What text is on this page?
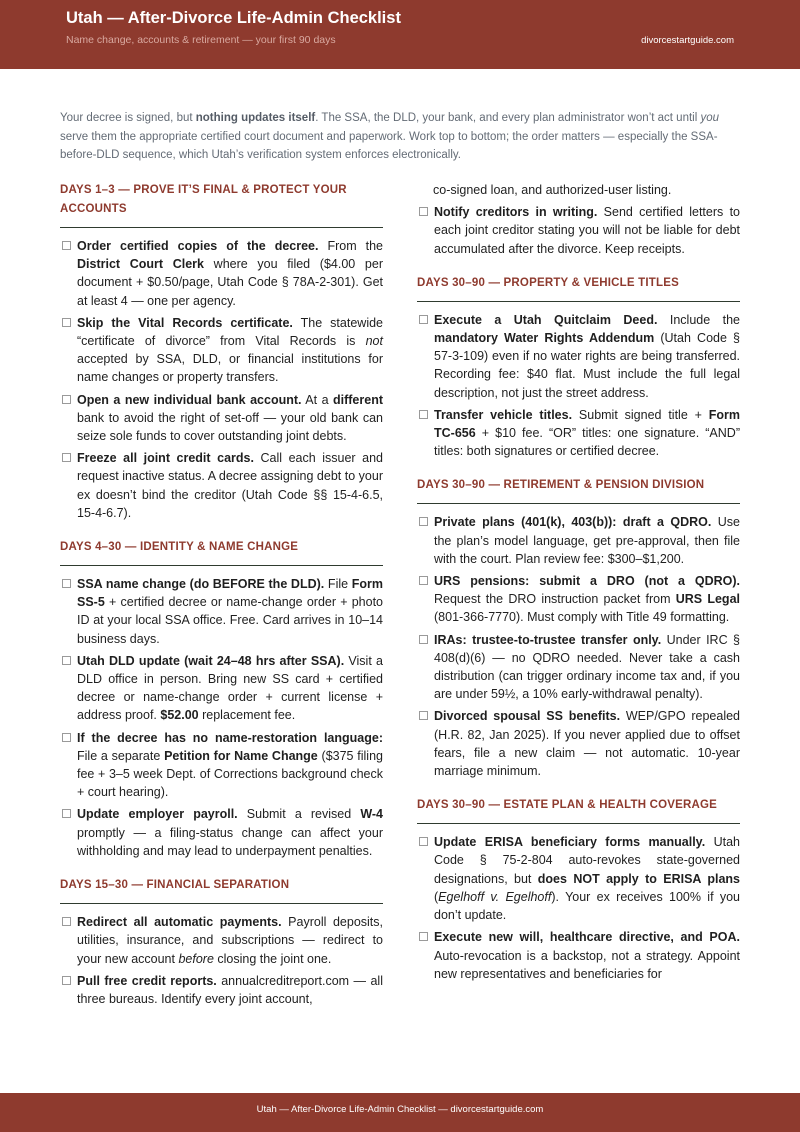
Utah — After-Divorce Life-Admin Checklist
Name change, accounts & retirement — your first 90 days	divorcestartguide.com
Your decree is signed, but nothing updates itself. The SSA, the DLD, your bank, and every plan administrator won’t act until you serve them the appropriate certified court document and paperwork. Work top to bottom; the order matters — especially the SSA-before-DLD sequence, which Utah’s verification system enforces electronically.
DAYS 1–3 — PROVE IT’S FINAL & PROTECT YOUR ACCOUNTS
Order certified copies of the decree. From the District Court Clerk where you filed ($4.00 per document + $0.50/page, Utah Code § 78A-2-301). Get at least 4 — one per agency.
Skip the Vital Records certificate. The statewide “certificate of divorce” from Vital Records is not accepted by SSA, DLD, or financial institutions for name changes or property transfers.
Open a new individual bank account. At a different bank to avoid the right of set-off — your old bank can seize sole funds to cover outstanding joint debts.
Freeze all joint credit cards. Call each issuer and request inactive status. A decree assigning debt to your ex doesn’t bind the creditor (Utah Code §§ 15-4-6.5, 15-4-6.7).
DAYS 4–30 — IDENTITY & NAME CHANGE
SSA name change (do BEFORE the DLD). File Form SS-5 + certified decree or name-change order + photo ID at your local SSA office. Free. Card arrives in 10–14 business days.
Utah DLD update (wait 24–48 hrs after SSA). Visit a DLD office in person. Bring new SS card + certified decree or name-change order + current license + address proof. $52.00 replacement fee.
If the decree has no name-restoration language: File a separate Petition for Name Change ($375 filing fee + 3–5 week Dept. of Corrections background check + court hearing).
Update employer payroll. Submit a revised W-4 promptly — a filing-status change can affect your withholding and may lead to underpayment penalties.
DAYS 15–30 — FINANCIAL SEPARATION
Redirect all automatic payments. Payroll deposits, utilities, insurance, and subscriptions — redirect to your new account before closing the joint one.
Pull free credit reports. annualcreditreport.com — all three bureaus. Identify every joint account,
co-signed loan, and authorized-user listing.
Notify creditors in writing. Send certified letters to each joint creditor stating you will not be liable for debt accumulated after the divorce. Keep receipts.
DAYS 30–90 — PROPERTY & VEHICLE TITLES
Execute a Utah Quitclaim Deed. Include the mandatory Water Rights Addendum (Utah Code § 57-3-109) even if no water rights are being transferred. Recording fee: $40 flat. Must include the full legal description, not just the street address.
Transfer vehicle titles. Submit signed title + Form TC-656 + $10 fee. “OR” titles: one signature. “AND” titles: both signatures or certified decree.
DAYS 30–90 — RETIREMENT & PENSION DIVISION
Private plans (401(k), 403(b)): draft a QDRO. Use the plan’s model language, get pre-approval, then file with the court. Plan review fee: $300–$1,200.
URS pensions: submit a DRO (not a QDRO). Request the DRO instruction packet from URS Legal (801-366-7770). Must comply with Title 49 formatting.
IRAs: trustee-to-trustee transfer only. Under IRC § 408(d)(6) — no QDRO needed. Never take a cash distribution (can trigger ordinary income tax and, if you are under 59½, a 10% early-withdrawal penalty).
Divorced spousal SS benefits. WEP/GPO repealed (H.R. 82, Jan 2025). If you never applied due to offset fears, file a new claim — not automatic. 10-year marriage minimum.
DAYS 30–90 — ESTATE PLAN & HEALTH COVERAGE
Update ERISA beneficiary forms manually. Utah Code § 75-2-804 auto-revokes state-governed designations, but does NOT apply to ERISA plans (Egelhoff v. Egelhoff). Your ex receives 100% if you don’t update.
Execute new will, healthcare directive, and POA. Auto-revocation is a backstop, not a strategy. Appoint new representatives and beneficiaries for
Utah — After-Divorce Life-Admin Checklist — divorcestartguide.com
